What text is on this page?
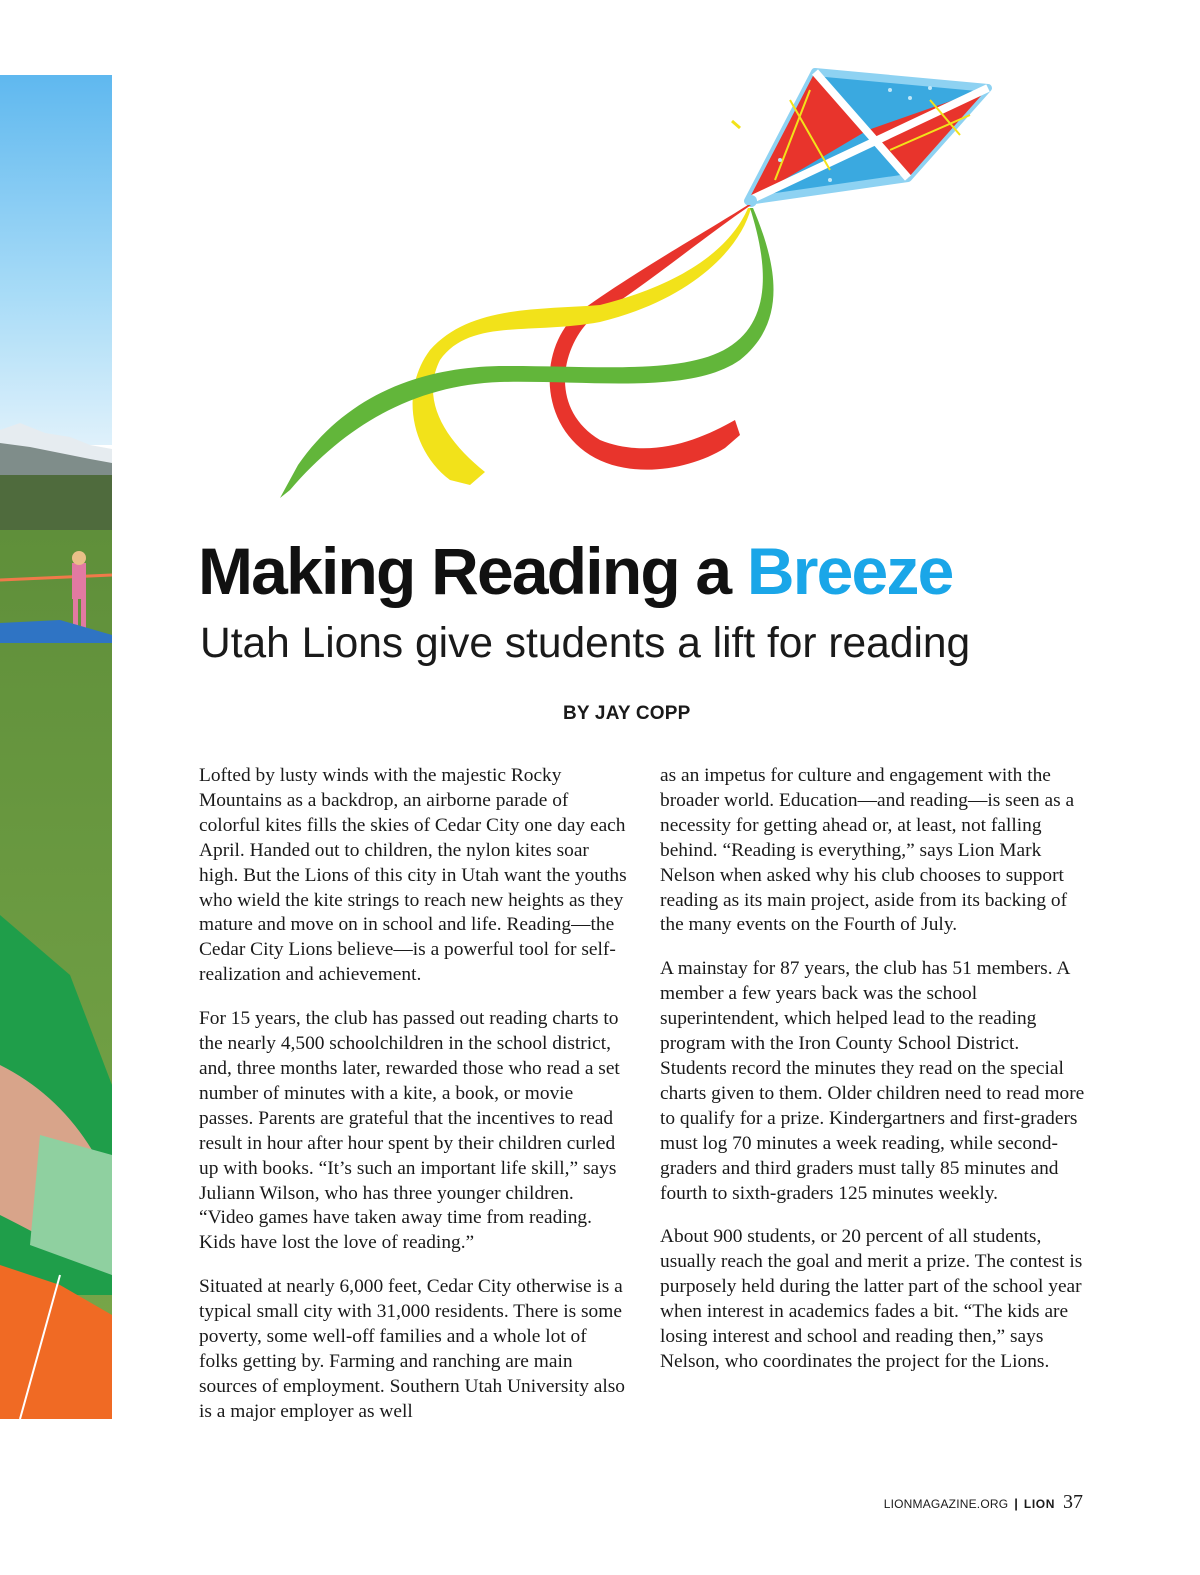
Making Reading a Breeze
Utah Lions give students a lift for reading

BY JAY COPP

Lofted by lusty winds with the majestic Rocky Mountains as a backdrop, an airborne parade of colorful kites fills the skies of Cedar City one day each April. Handed out to children, the nylon kites soar high. But the Lions of this city in Utah want the youths who wield the kite strings to reach new heights as they mature and move on in school and life. Reading—the Cedar City Lions believe—is a powerful tool for self-realization and achievement.

For 15 years, the club has passed out reading charts to the nearly 4,500 schoolchildren in the school district, and, three months later, rewarded those who read a set number of minutes with a kite, a book, or movie passes. Parents are grateful that the incentives to read result in hour after hour spent by their children curled up with books. “It’s such an important life skill,” says Juliann Wilson, who has three younger children. “Video games have taken away time from reading. Kids have lost the love of reading.”

Situated at nearly 6,000 feet, Cedar City otherwise is a typical small city with 31,000 residents. There is some poverty, some well-off families and a whole lot of folks getting by. Farming and ranching are main sources of employment. Southern Utah University also is a major employer as well

as an impetus for culture and engagement with the broader world. Education—and reading—is seen as a necessity for getting ahead or, at least, not falling behind. “Reading is everything,” says Lion Mark Nelson when asked why his club chooses to support reading as its main project, aside from its backing of the many events on the Fourth of July.

A mainstay for 87 years, the club has 51 members. A member a few years back was the school superintendent, which helped lead to the reading program with the Iron County School District. Students record the minutes they read on the special charts given to them. Older children need to read more to qualify for a prize. Kindergartners and first-graders must log 70 minutes a week reading, while second-graders and third graders must tally 85 minutes and fourth to sixth-graders 125 minutes weekly.

About 900 students, or 20 percent of all students, usually reach the goal and merit a prize. The contest is purposely held during the latter part of the school year when interest in academics fades a bit. “The kids are losing interest and school and reading then,” says Nelson, who coordinates the project for the Lions.

LIONMAGAZINE.ORG | LION 37
